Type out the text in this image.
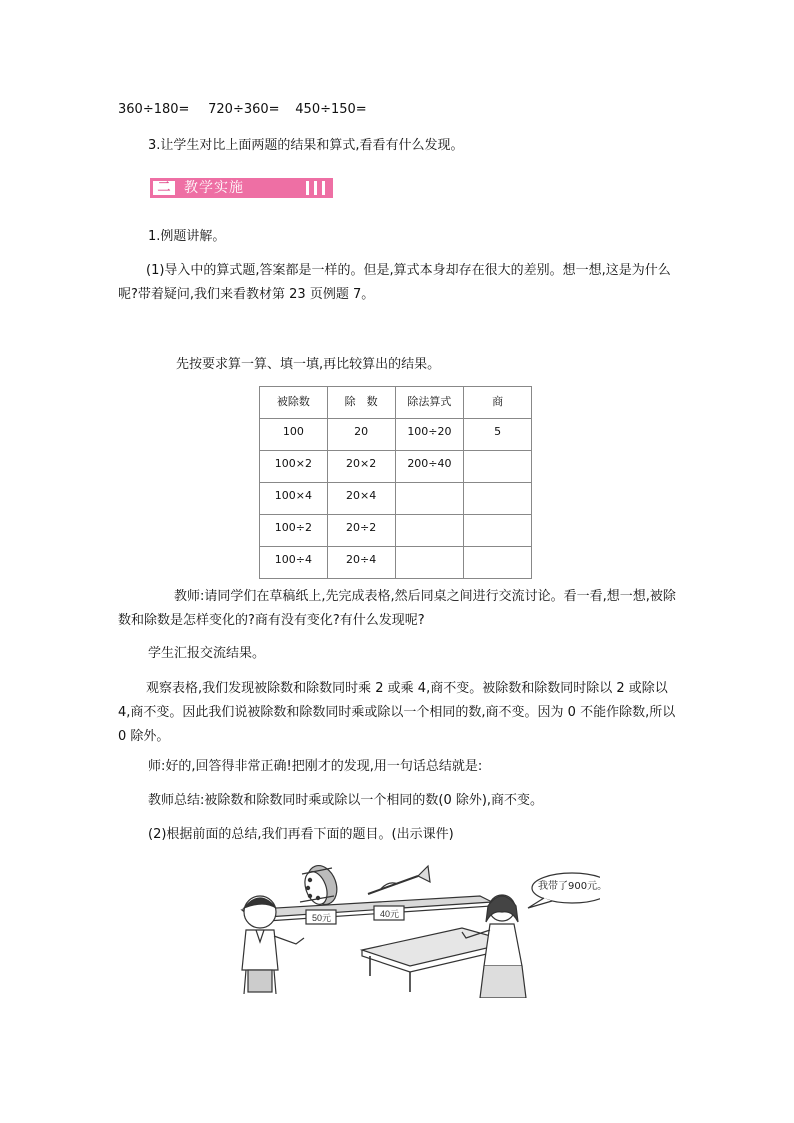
360÷180= 720÷360= 450÷150=
3.让学生对比上面两题的结果和算式,看看有什么发现。
二 教学实施
1.例题讲解。
(1)导入中的算式题,答案都是一样的。但是,算式本身却存在很大的差别。想一想,这是为什么呢?带着疑问,我们来看教材第 23 页例题 7。
先按要求算一算、填一填,再比较算出的结果。
被除数	除　数	除法算式	商

100	20	100÷20	5

100×2	20×2	200÷40	

100×4	20×4		

100÷2	20÷2		

100÷4	20÷4		

教师:请同学们在草稿纸上,先完成表格,然后同桌之间进行交流讨论。看一看,想一想,被除数和除数是怎样变化的?商有没有变化?有什么发现呢?
学生汇报交流结果。
观察表格,我们发现被除数和除数同时乘 2 或乘 4,商不变。被除数和除数同时除以 2 或除以 4,商不变。因此我们说被除数和除数同时乘或除以一个相同的数,商不变。因为 0 不能作除数,所以 0 除外。
师:好的,回答得非常正确!把刚才的发现,用一句话总结就是:
教师总结:被除数和除数同时乘或除以一个相同的数(0 除外),商不变。
(2)根据前面的总结,我们再看下面的题目。(出示课件)
50元	40元
我带了900元。
